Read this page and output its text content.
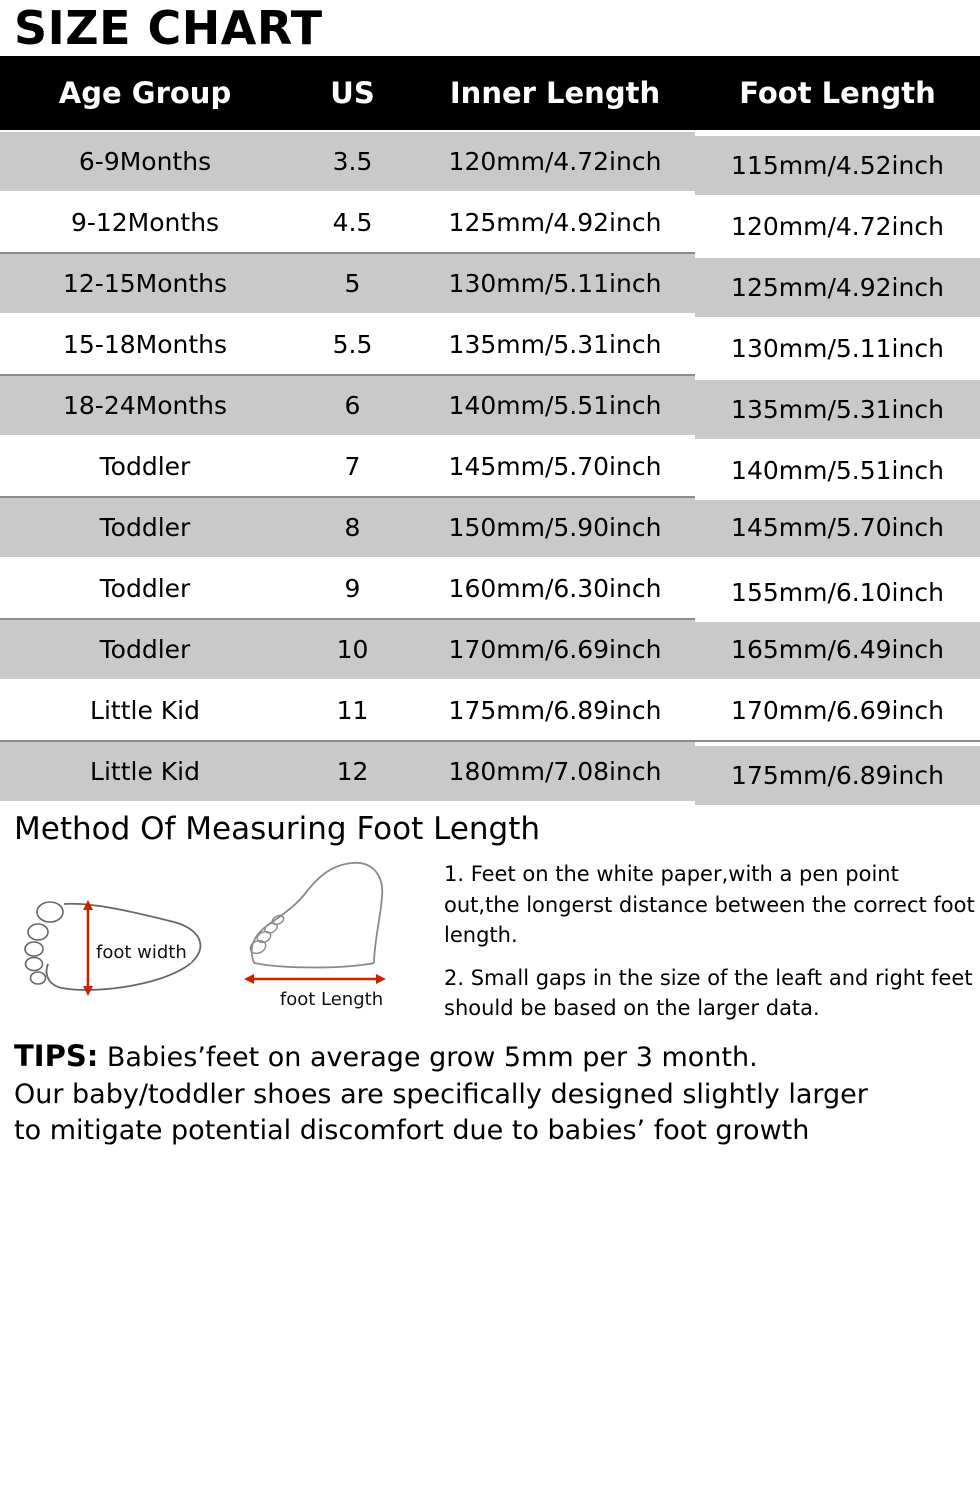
SIZE CHART
Age Group	US	Inner Length	Foot Length
6-9Months	3.5	120mm/4.72inch	115mm/4.52inch
9-12Months	4.5	125mm/4.92inch	120mm/4.72inch
12-15Months	5	130mm/5.11inch	125mm/4.92inch
15-18Months	5.5	135mm/5.31inch	130mm/5.11inch
18-24Months	6	140mm/5.51inch	135mm/5.31inch
Toddler	7	145mm/5.70inch	140mm/5.51inch
Toddler	8	150mm/5.90inch	145mm/5.70inch
Toddler	9	160mm/6.30inch	155mm/6.10inch
Toddler	10	170mm/6.69inch	165mm/6.49inch
Little Kid	11	175mm/6.89inch	170mm/6.69inch
Little Kid	12	180mm/7.08inch	175mm/6.89inch
Method Of Measuring Foot Length
foot width
foot Length

1. Feet on the white paper,with a pen point out,the longerst distance between the correct foot length.

2. Small gaps in the size of the leaft and right feet should be based on the larger data.

TIPS: Babies’feet on average grow 5mm per 3 month.
Our baby/toddler shoes are specifically designed slightly larger
to mitigate potential discomfort due to babies’ foot growth
